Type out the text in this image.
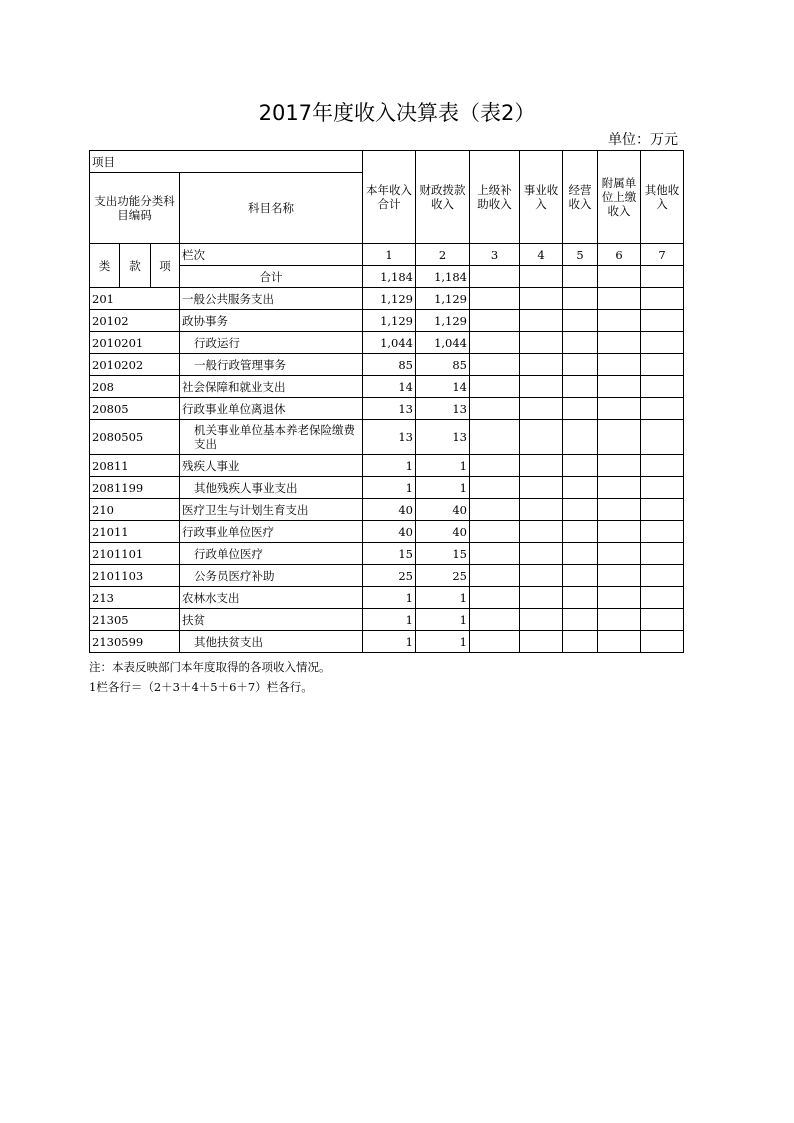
2017年度收入决算表（表2）
单位：万元
项目				本年收入合计	财政拨款收入	上级补助收入	事业收入	经营收入	附属单位上缴收入	其他收入
支出功能分类科目编码			科目名称							

类	款	项	栏次	1	2	3	4	5	6	7
			合计	1,184	1,184					
201			一般公共服务支出	1,129	1,129					
20102			政协事务	1,129	1,129					
2010201			行政运行	1,044	1,044					
2010202			一般行政管理事务	85	85					
208			社会保障和就业支出	14	14					
20805			行政事业单位离退休	13	13					
2080505			机关事业单位基本养老保险缴费支出	13	13					
20811			残疾人事业	1	1					
2081199			其他残疾人事业支出	1	1					
210			医疗卫生与计划生育支出	40	40					
21011			行政事业单位医疗	40	40					
2101101			行政单位医疗	15	15					
2101103			公务员医疗补助	25	25					
213			农林水支出	1	1					
21305			扶贫	1	1					
2130599			其他扶贫支出	1	1					
注：本表反映部门本年度取得的各项收入情况。
1栏各行＝（2＋3＋4＋5＋6＋7）栏各行。
